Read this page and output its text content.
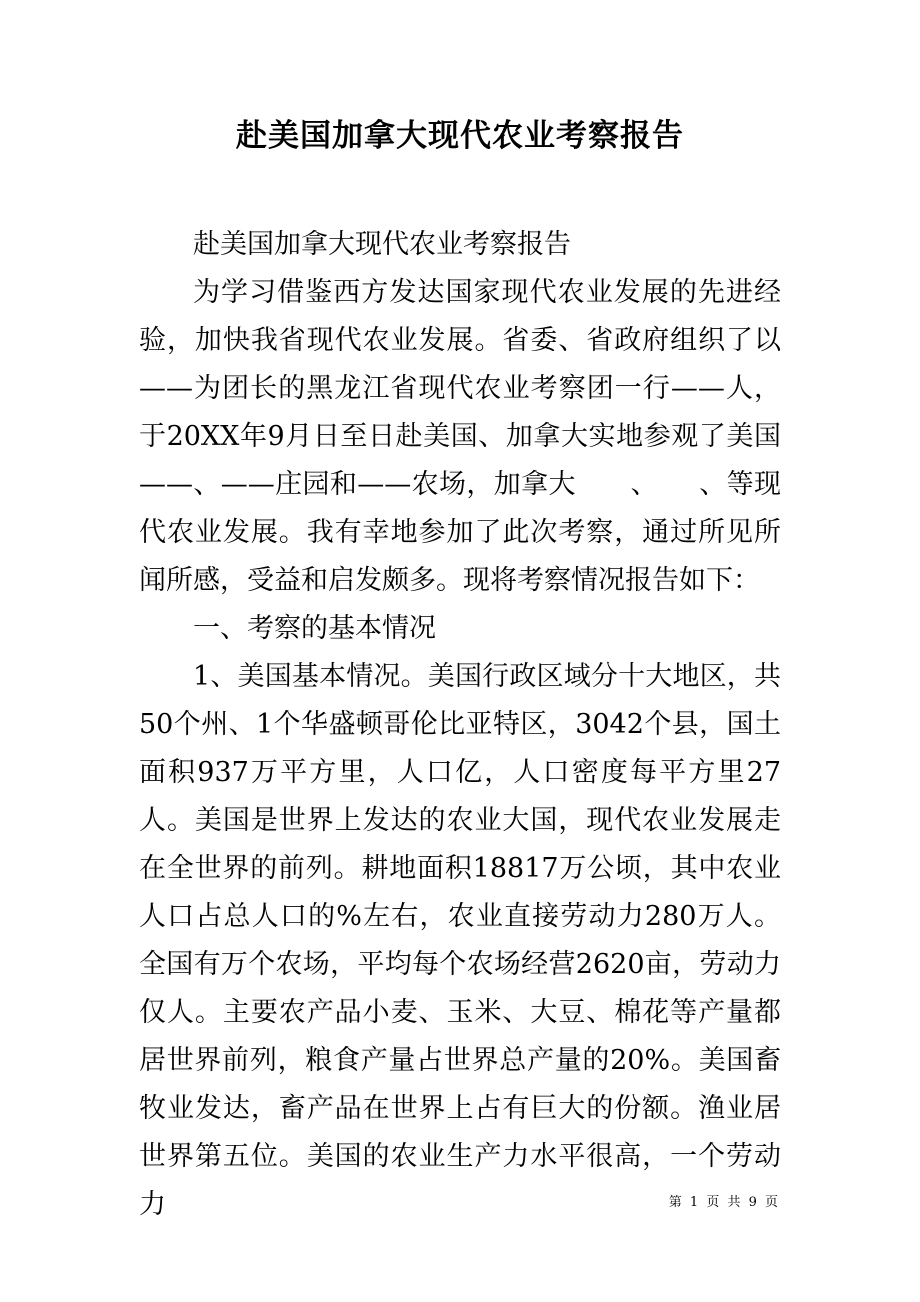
赴美国加拿大现代农业考察报告

赴美国加拿大现代农业考察报告

为学习借鉴西方发达国家现代农业发展的先进经验，加快我省现代农业发展。省委、省政府组织了以——为团长的黑龙江省现代农业考察团一行——人，于20XX年9月日至日赴美国、加拿大实地参观了美国——、——庄园和——农场，加拿大　　、　　、等现代农业发展。我有幸地参加了此次考察，通过所见所闻所感，受益和启发颇多。现将考察情况报告如下：

一、考察的基本情况

1、美国基本情况。美国行政区域分十大地区，共50个州、1个华盛顿哥伦比亚特区，3042个县，国土面积937万平方里，人口亿，人口密度每平方里27人。美国是世界上发达的农业大国，现代农业发展走在全世界的前列。耕地面积18817万公顷，其中农业人口占总人口的%左右，农业直接劳动力280万人。全国有万个农场，平均每个农场经营2620亩，劳动力仅人。主要农产品小麦、玉米、大豆、棉花等产量都居世界前列，粮食产量占世界总产量的20%。美国畜牧业发达，畜产品在世界上占有巨大的份额。渔业居世界第五位。美国的农业生产力水平很高，一个劳动力	第 1 页 共 9 页
